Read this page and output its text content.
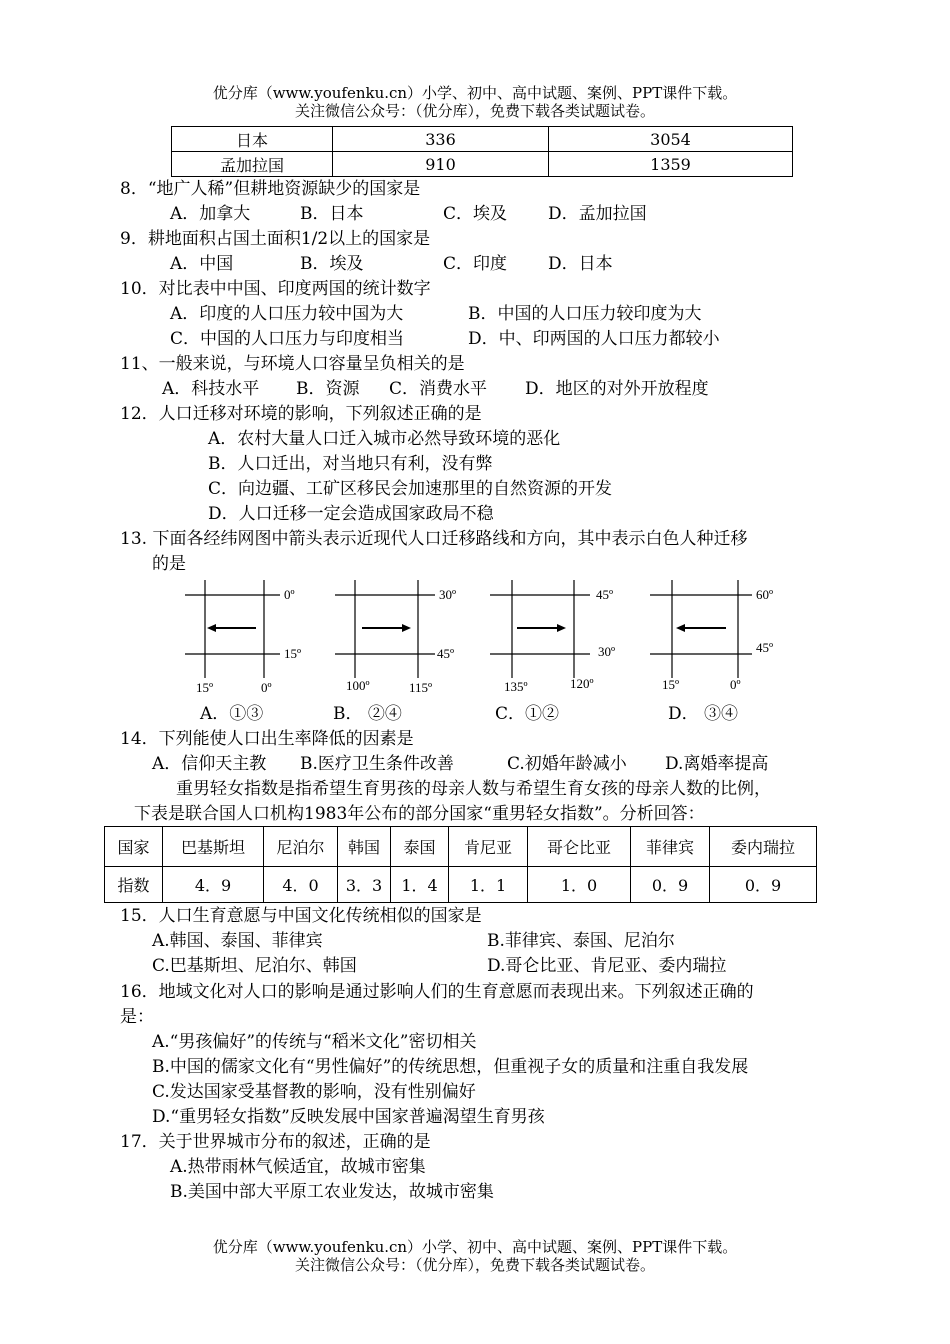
优分库（www.youfenku.cn）小学、初中、高中试题、案例、PPT课件下载。
关注微信公众号：（优分库），免费下载各类试题试卷。
日本	336	3054
孟加拉国	910	1359
8．“地广人稀”但耕地资源缺少的国家是
A．加拿大	B．日本	C．埃及 D．孟加拉国
9．耕地面积占国土面积1/2以上的国家是
A．中国	B．埃及	C．印度 D．日本
10．对比表中中国、印度两国的统计数字
A．印度的人口压力较中国为大	B．中国的人口压力较印度为大
C．中国的人口压力与印度相当	D．中、印两国的人口压力都较小
11、一般来说，与环境人口容量呈负相关的是
A．科技水平 B．资源 C．消费水平 D．地区的对外开放程度
12．人口迁移对环境的影响，下列叙述正确的是
A．农村大量人口迁入城市必然导致环境的恶化
B．人口迁出，对当地只有利，没有弊
C．向边疆、工矿区移民会加速那里的自然资源的开发
D．人口迁移一定会造成国家政局不稳
13. 下面各经纬网图中箭头表示近现代人口迁移路线和方向，其中表示白色人种迁移
的是
0º
15º
15º	0º
30º
45º
100º	115º
45º
30º
135º	120º
60º
45º
15º	0º
A．①③	B． ②④	C．①②	D． ③④
14．下列能使人口出生率降低的因素是
A．信仰天主教 B.医疗卫生条件改善	C.初婚年龄减小 D.离婚率提高
重男轻女指数是指希望生育男孩的母亲人数与希望生育女孩的母亲人数的比例，
下表是联合国人口机构1983年公布的部分国家“重男轻女指数”。分析回答：
国家	巴基斯坦	尼泊尔	韩国	泰国	肯尼亚	哥仑比亚	菲律宾	委内瑞拉
指数	4．9	4．0	3．3	1．4	1．1	1．0	0．9	0．9
15．人口生育意愿与中国文化传统相似的国家是
A.韩国、泰国、菲律宾	B.菲律宾、泰国、尼泊尔
C.巴基斯坦、尼泊尔、韩国	D.哥仑比亚、肯尼亚、委内瑞拉
16．地域文化对人口的影响是通过影响人们的生育意愿而表现出来。下列叙述正确的
是：
A.“男孩偏好”的传统与“稻米文化”密切相关
B.中国的儒家文化有“男性偏好”的传统思想，但重视子女的质量和注重自我发展
C.发达国家受基督教的影响，没有性别偏好
D.“重男轻女指数”反映发展中国家普遍渴望生育男孩
17．关于世界城市分布的叙述，正确的是
A.热带雨林气候适宜，故城市密集
B.美国中部大平原工农业发达，故城市密集
优分库（www.youfenku.cn）小学、初中、高中试题、案例、PPT课件下载。
关注微信公众号：（优分库），免费下载各类试题试卷。
